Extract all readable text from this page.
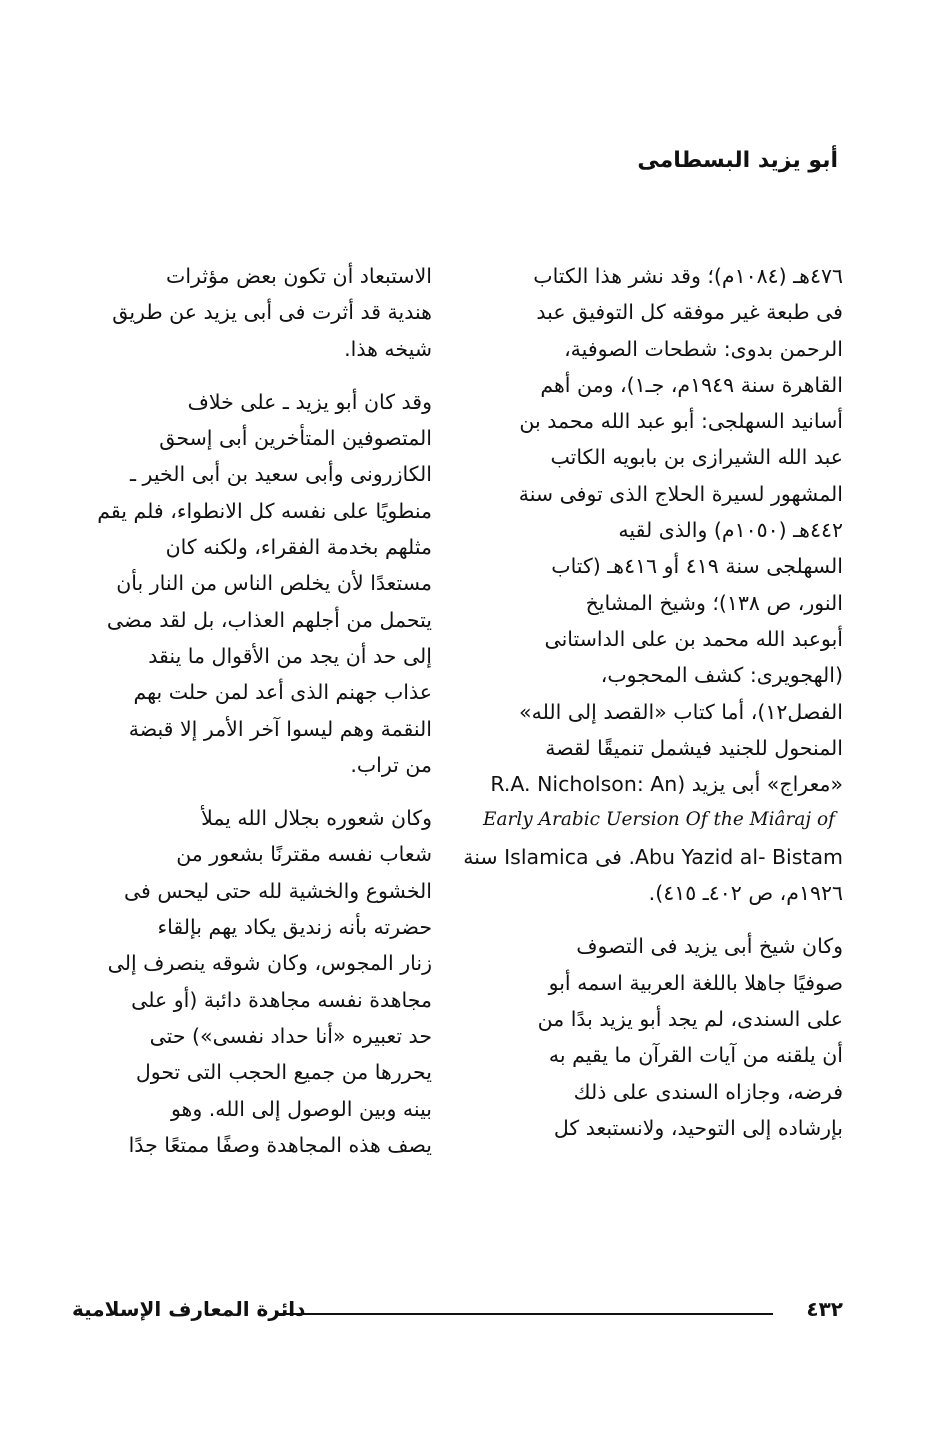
أبو يزيد البسطامى
٤٧٦هـ (١٠٨٤م)؛ وقد نشر هذا الكتاب
فى طبعة غير موفقه كل التوفيق عبد
الرحمن بدوى: شطحات الصوفية،
القاهرة سنة ١٩٤٩م، جـ١)، ومن أهم
أسانيد السهلجى: أبو عبد الله محمد بن
عبد الله الشيرازى بن بابويه الكاتب
المشهور لسيرة الحلاج الذى توفى سنة
٤٤٢هـ (١٠٥٠م) والذى لقيه
السهلجى سنة ٤١٩ أو ٤١٦هـ (كتاب
النور، ص ١٣٨)؛ وشيخ المشايخ
أبوعبد الله محمد بن على الداستانى
(الهجويرى: كشف المحجوب،
الفصل١٢)، أما كتاب «القصد إلى الله»
المنحول للجنيد فيشمل تنميقًا لقصة
«معراج» أبى يزيد (R.A. Nicholson: An
Early Arabic Uersion Of the Miâraj of
Abu Yazid al- Bistam. فى Islamica سنة
١٩٢٦م، ص ٤٠٢ـ ٤١٥).
وكان شيخ أبى يزيد فى التصوف
صوفيًا جاهلا باللغة العربية اسمه أبو
على السندى، لم يجد أبو يزيد بدًا من
أن يلقنه من آيات القرآن ما يقيم به
فرضه، وجازاه السندى على ذلك
بإرشاده إلى التوحيد، ولانستبعد كل
الاستبعاد أن تكون بعض مؤثرات
هندية قد أثرت فى أبى يزيد عن طريق
شيخه هذا.
وقد كان أبو يزيد ـ على خلاف
المتصوفين المتأخرين أبى إسحق
الكازرونى وأبى سعيد بن أبى الخير ـ
منطويًا على نفسه كل الانطواء، فلم يقم
مثلهم بخدمة الفقراء، ولكنه كان
مستعدًا لأن يخلص الناس من النار بأن
يتحمل من أجلهم العذاب، بل لقد مضى
إلى حد أن يجد من الأقوال ما ينقد
عذاب جهنم الذى أعد لمن حلت بهم
النقمة وهم ليسوا آخر الأمر إلا قبضة
من تراب.
وكان شعوره بجلال الله يملأ
شعاب نفسه مقترنًا بشعور من
الخشوع والخشية لله حتى ليحس فى
حضرته بأنه زنديق يكاد يهم بإلقاء
زنار المجوس، وكان شوقه ينصرف إلى
مجاهدة نفسه مجاهدة دائبة (أو على
حد تعبيره «أنا حداد نفسى») حتى
يحررها من جميع الحجب التى تحول
بينه وبين الوصول إلى الله. وهو
يصف هذه المجاهدة وصفًا ممتعًا جدًا
٤٣٢
دائرة المعارف الإسلامية
